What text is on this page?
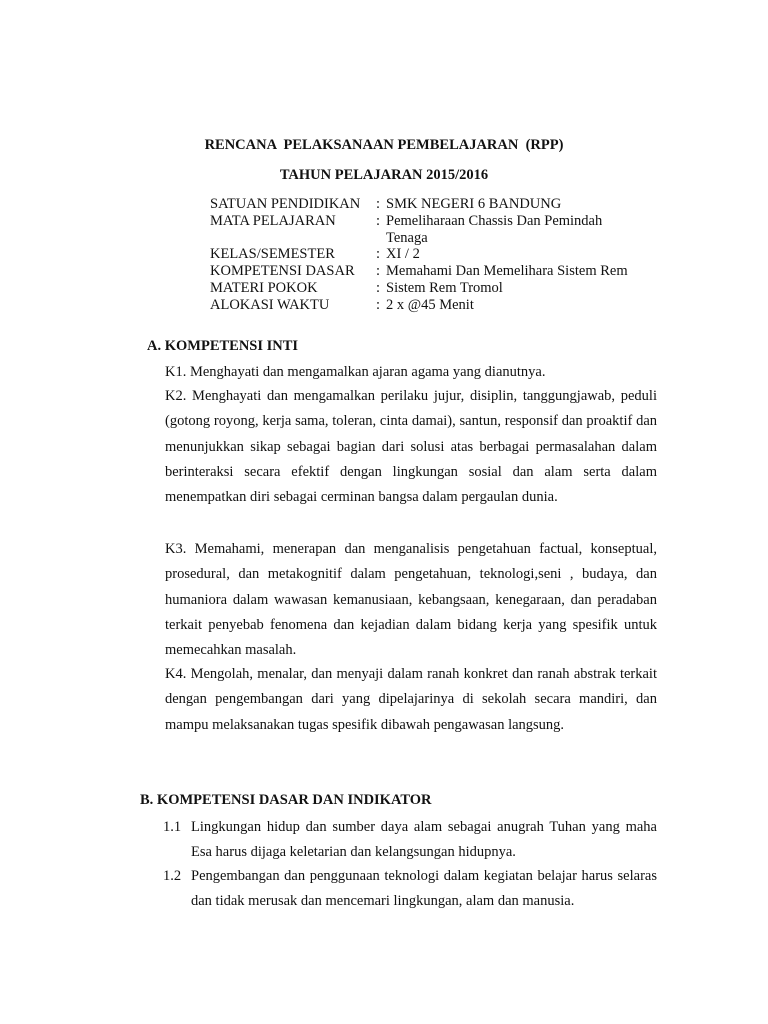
RENCANA  PELAKSANAAN PEMBELAJARAN  (RPP)
TAHUN PELAJARAN 2015/2016
SATUAN PENDIDIKAN : SMK NEGERI 6 BANDUNG
MATA PELAJARAN	: Pemeliharaan Chassis Dan Pemindah
Tenaga
KELAS/SEMESTER	: XI / 2
KOMPETENSI DASAR : Memahami Dan Memelihara Sistem Rem
MATERI POKOK	: Sistem Rem Tromol
ALOKASI WAKTU	: 2 x @45 Menit
A. KOMPETENSI INTI
K1. Menghayati dan mengamalkan ajaran agama yang dianutnya.
K2. Menghayati dan mengamalkan perilaku jujur, disiplin, tanggungjawab, peduli (gotong royong, kerja sama, toleran, cinta damai), santun, responsif dan proaktif dan menunjukkan sikap sebagai bagian dari solusi atas berbagai permasalahan dalam berinteraksi secara efektif dengan lingkungan sosial dan alam serta dalam menempatkan diri sebagai cerminan bangsa dalam pergaulan dunia.
K3. Memahami, menerapan dan menganalisis pengetahuan factual, konseptual, prosedural, dan metakognitif dalam pengetahuan, teknologi,seni , budaya, dan humaniora dalam wawasan kemanusiaan, kebangsaan, kenegaraan, dan peradaban terkait penyebab fenomena dan kejadian dalam bidang kerja yang spesifik untuk memecahkan masalah.
K4. Mengolah, menalar, dan menyaji dalam ranah konkret dan ranah abstrak terkait dengan pengembangan dari yang dipelajarinya di sekolah secara mandiri, dan mampu melaksanakan tugas spesifik dibawah pengawasan langsung.
B. KOMPETENSI DASAR DAN INDIKATOR
1.1 Lingkungan hidup dan sumber daya alam sebagai anugrah Tuhan yang maha Esa harus dijaga keletarian dan kelangsungan hidupnya.
1.2 Pengembangan dan penggunaan teknologi dalam kegiatan belajar harus selaras dan tidak merusak dan mencemari lingkungan, alam dan manusia.
